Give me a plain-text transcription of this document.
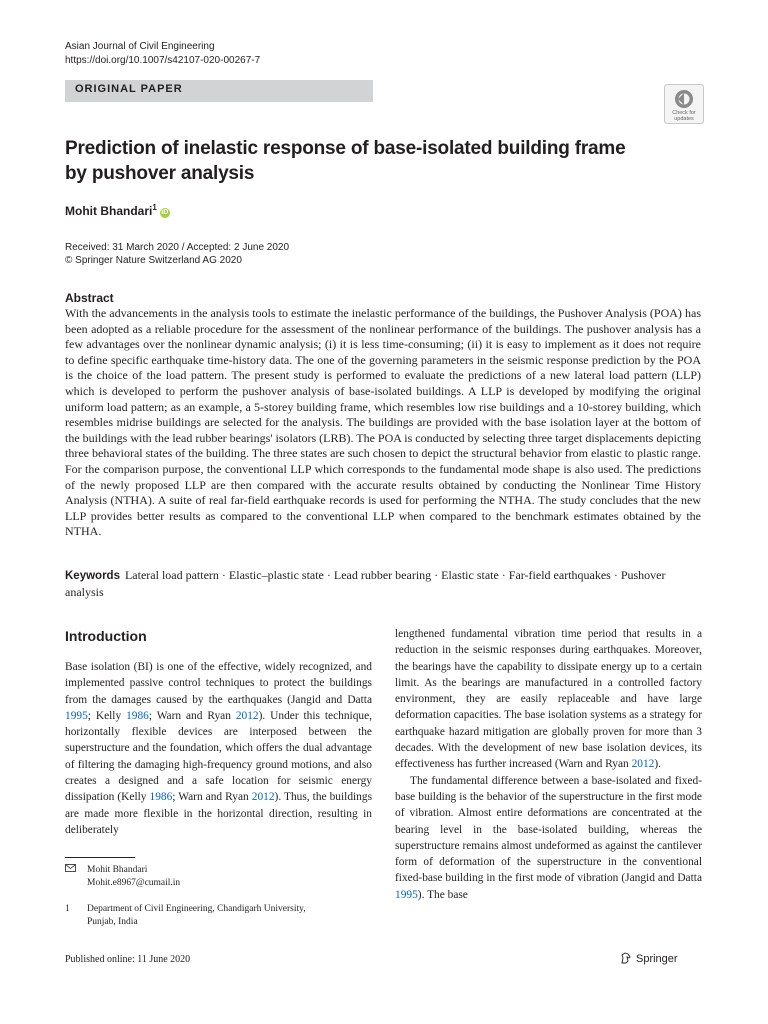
Asian Journal of Civil Engineering
https://doi.org/10.1007/s42107-020-00267-7
ORIGINAL PAPER
Check for
updates
Prediction of inelastic response of base-isolated building frame
by pushover analysis
Mohit Bhandari$^1$iD
Received: 31 March 2020 / Accepted: 2 June 2020
© Springer Nature Switzerland AG 2020
Abstract
With the advancements in the analysis tools to estimate the inelastic performance of the buildings, the Pushover Analysis (POA) has been adopted as a reliable procedure for the assessment of the nonlinear performance of the buildings. The pushover analysis has a few advantages over the nonlinear dynamic analysis; (i) it is less time-consuming; (ii) it is easy to implement as it does not require to define specific earthquake time-history data. The one of the governing parameters in the seismic response prediction by the POA is the choice of the load pattern. The present study is performed to evaluate the predictions of a new lateral load pattern (LLP) which is developed to perform the pushover analysis of base-isolated buildings. A LLP is developed by modifying the original uniform load pattern; as an example, a 5-storey building frame, which resembles low rise buildings and a 10-storey building, which resembles midrise buildings are selected for the analysis. The buildings are provided with the base isolation layer at the bottom of the buildings with the lead rubber bearings' isolators (LRB). The POA is conducted by selecting three target displacements depicting three behavioral states of the building. The three states are such chosen to depict the structural behavior from elastic to plastic range. For the comparison purpose, the conventional LLP which corresponds to the fundamental mode shape is also used. The predictions of the newly proposed LLP are then compared with the accurate results obtained by conducting the Nonlinear Time History Analysis (NTHA). A suite of real far-field earthquake records is used for performing the NTHA. The study concludes that the new LLP provides better results as compared to the conventional LLP when compared to the benchmark estimates obtained by the NTHA.
Keywords Lateral load pattern · Elastic–plastic state · Lead rubber bearing · Elastic state · Far-field earthquakes · Pushover analysis
Introduction

Base isolation (BI) is one of the effective, widely recognized, and implemented passive control techniques to protect the buildings from the damages caused by the earthquakes (Jangid and Datta 1995; Kelly 1986; Warn and Ryan 2012). Under this technique, horizontally flexible devices are interposed between the superstructure and the foundation, which offers the dual advantage of filtering the damaging high-frequency ground motions, and also creates a designed and a safe location for seismic energy dissipation (Kelly 1986; Warn and Ryan 2012). Thus, the buildings are made more flexible in the horizontal direction, resulting in deliberately

lengthened fundamental vibration time period that results in a reduction in the seismic responses during earthquakes. Moreover, the bearings have the capability to dissipate energy up to a certain limit. As the bearings are manufactured in a controlled factory environment, they are easily replaceable and have large deformation capacities. The base isolation systems as a strategy for earthquake hazard mitigation are globally proven for more than 3 decades. With the development of new base isolation devices, its effectiveness has further increased (Warn and Ryan 2012).

The fundamental difference between a base-isolated and fixed-base building is the behavior of the superstructure in the first mode of vibration. Almost entire deformations are concentrated at the bearing level in the base-isolated building, whereas the superstructure remains almost undeformed as against the cantilever form of deformation of the superstructure in the conventional fixed-base building in the first mode of vibration (Jangid and Datta 1995). The base

Mohit Bhandari
Mohit.e8967@cumail.in
1 Department of Civil Engineering, Chandigarh University,
Punjab, India
Published online: 11 June 2020	Springer
